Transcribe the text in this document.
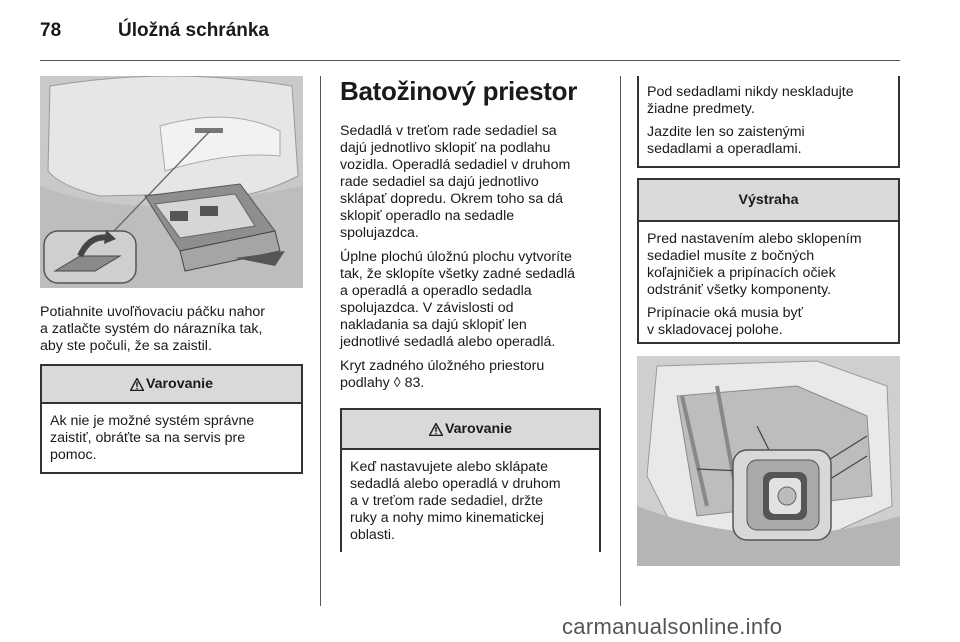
78	Úložná schránka
Potiahnite uvoľňovaciu páčku nahor
a zatlačte systém do nárazníka tak,
aby ste počuli, že sa zaistil.
Varovanie
Ak nie je možné systém správne
zaistiť, obráťte sa na servis pre
pomoc.
Batožinový priestor

Sedadlá v treťom rade sedadiel sa
dajú jednotlivo sklopiť na podlahu
vozidla. Operadlá sedadiel v druhom
rade sedadiel sa dajú jednotlivo
sklápať dopredu. Okrem toho sa dá
sklopiť operadlo na sedadle
spolujazdca.

Úplne plochú úložnú plochu vytvoríte
tak, že sklopíte všetky zadné sedadlá
a operadlá a operadlo sedadla
spolujazdca. V závislosti od
nakladania sa dajú sklopiť len
jednotlivé sedadlá alebo operadlá.

Kryt zadného úložného priestoru
podlahy ◊ 83.

Varovanie
Keď nastavujete alebo sklápate
sedadlá alebo operadlá v druhom
a v treťom rade sedadiel, držte
ruky a nohy mimo kinematickej
oblasti.

Pod sedadlami nikdy neskladujte
žiadne predmety.

Jazdite len so zaistenými
sedadlami a operadlami.

Výstraha

Pred nastavením alebo sklopením
sedadiel musíte z bočných
koľajničiek a pripínacích očiek
odstrániť všetky komponenty.

Pripínacie oká musia byť
v skladovacej polohe.

carmanualsonline.info
